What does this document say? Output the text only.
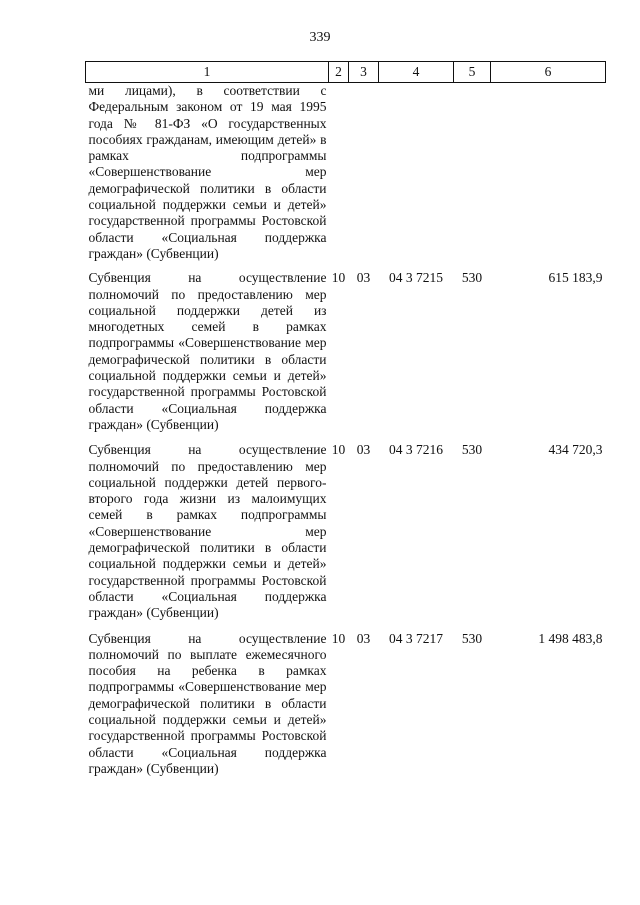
339
1	2	3	4	5	6
ми лицами), в соответствии с Федеральным законом от 19 мая 1995 года № 81-ФЗ «О государственных пособиях гражданам, имеющим детей» в рамках подпрограммы «Совершенствование мер демографической политики в области социальной поддержки семьи и детей» государственной программы Ростовской области «Социальная поддержка граждан» (Субвенции)					
Субвенция на осуществление полномочий по предоставлению мер социальной поддержки детей из многодетных семей в рамках подпрограммы «Совершенствование мер демографической политики в области социальной поддержки семьи и детей» государственной программы Ростовской области «Социальная поддержка граждан» (Субвенции)	10	03	04 3 7215	530	615 183,9
Субвенция на осуществление полномочий по предоставлению мер социальной поддержки детей первого-второго года жизни из малоимущих семей в рамках подпрограммы «Совершенствование мер демографической политики в области социальной поддержки семьи и детей» государственной программы Ростовской области «Социальная поддержка граждан» (Субвенции)	10	03	04 3 7216	530	434 720,3
Субвенция на осуществление полномочий по выплате ежемесячного пособия на ребенка в рамках подпрограммы «Совершенствование мер демографической политики в области социальной поддержки семьи и детей» государственной программы Ростовской области «Социальная поддержка граждан» (Субвенции)	10	03	04 3 7217	530	1 498 483,8
